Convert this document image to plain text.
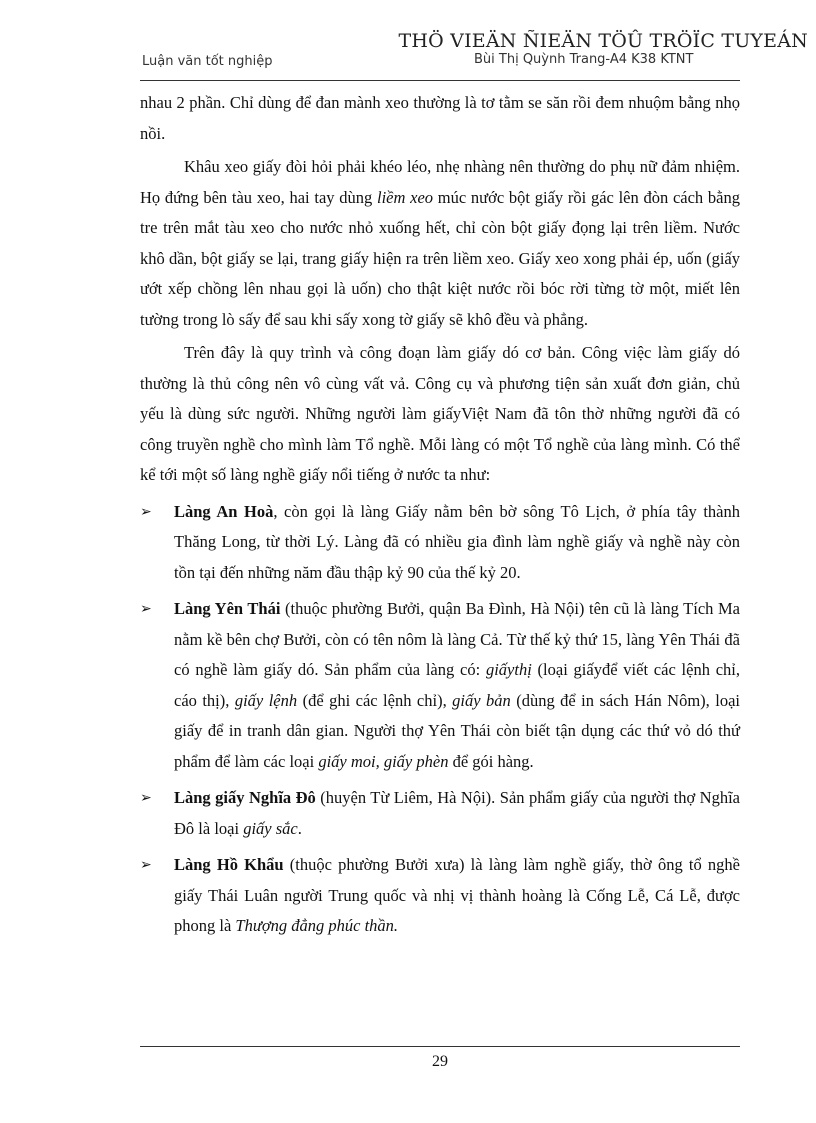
THÖ VIEÄN ÑIEÄN TÖÛ TRÖÏC TUYEÁN
Luận văn tốt nghiệp	Bùi Thị Quỳnh Trang-A4 K38 KTNT

nhau 2 phần. Chỉ dùng để đan mành xeo thường là tơ tằm se săn rồi đem nhuộm bằng nhọ nồi.

Khâu xeo giấy đòi hỏi phải khéo léo, nhẹ nhàng nên thường do phụ nữ đảm nhiệm. Họ đứng bên tàu xeo, hai tay dùng liềm xeo múc nước bột giấy rồi gác lên đòn cách bằng tre trên mắt tàu xeo cho nước nhỏ xuống hết, chỉ còn bột giấy đọng lại trên liềm. Nước khô dần, bột giấy se lại, trang giấy hiện ra trên liềm xeo. Giấy xeo xong phải ép, uốn (giấy ướt xếp chồng lên nhau gọi là uốn) cho thật kiệt nước rồi bóc rời từng tờ một, miết lên tường trong lò sấy để sau khi sấy xong tờ giấy sẽ khô đều và phẳng.

Trên đây là quy trình và công đoạn làm giấy dó cơ bản. Công việc làm giấy dó thường là thủ công nên vô cùng vất vả. Công cụ và phương tiện sản xuất đơn giản, chủ yếu là dùng sức người. Những người làm giấyViệt Nam đã tôn thờ những người đã có công truyền nghề cho mình làm Tổ nghề. Mỗi làng có một Tổ nghề của làng mình. Có thể kể tới một số làng nghề giấy nổi tiếng ở nước ta như:

➢	Làng An Hoà, còn gọi là làng Giấy nằm bên bờ sông Tô Lịch, ở phía tây thành Thăng Long, từ thời Lý. Làng đã có nhiều gia đình làm nghề giấy và nghề này còn tồn tại đến những năm đầu thập kỷ 90 của thế kỷ 20.

➢	Làng Yên Thái (thuộc phường Bưởi, quận Ba Đình, Hà Nội) tên cũ là làng Tích Ma nằm kề bên chợ Bưởi, còn có tên nôm là làng Cả. Từ thế kỷ thứ 15, làng Yên Thái đã có nghề làm giấy dó. Sản phẩm của làng có: giấythị (loại giấyđể viết các lệnh chỉ, cáo thị), giấy lệnh (để ghi các lệnh chỉ), giấy bản (dùng để in sách Hán Nôm), loại giấy để in tranh dân gian. Người thợ Yên Thái còn biết tận dụng các thứ vỏ dó thứ phẩm để làm các loại giấy moi, giấy phèn để gói hàng.

➢	Làng giấy Nghĩa Đô (huyện Từ Liêm, Hà Nội). Sản phẩm giấy của người thợ Nghĩa Đô là loại giấy sắc.

➢	Làng Hồ Khẩu (thuộc phường Bưởi xưa) là làng làm nghề giấy, thờ ông tổ nghề giấy Thái Luân người Trung quốc và nhị vị thành hoàng là Cống Lễ, Cá Lễ, được phong là Thượng đẳng phúc thần.

29
